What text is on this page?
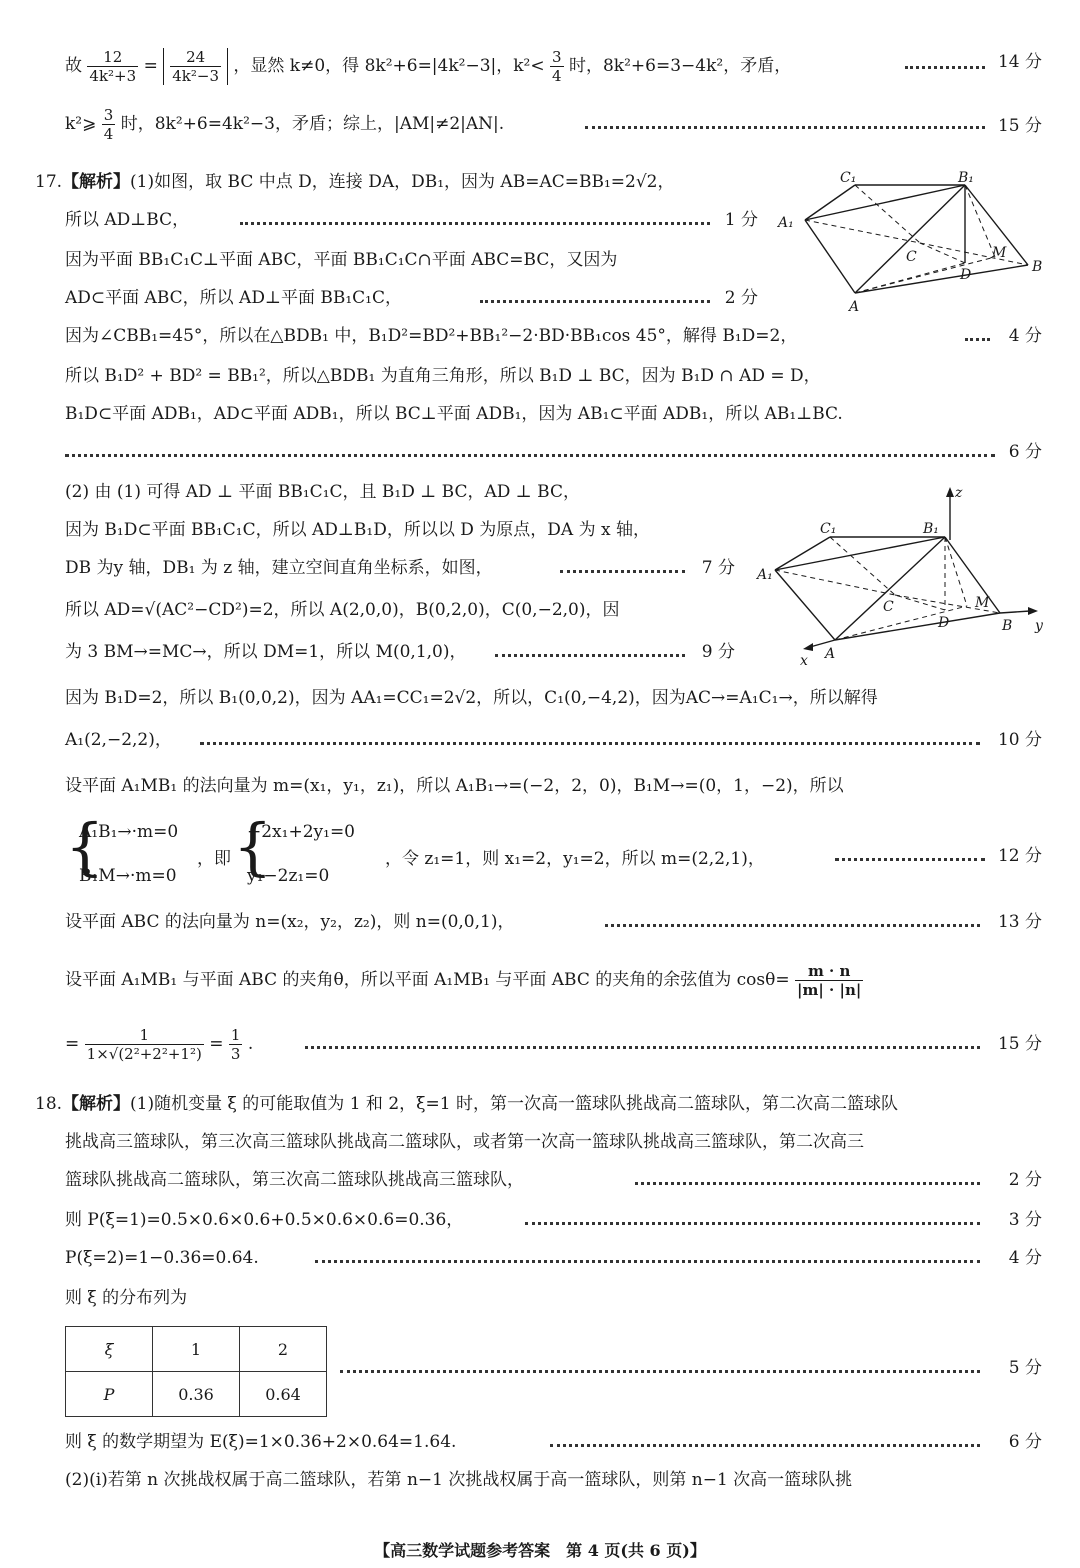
故 $\frac{12}{\text{4k²+3}} = \frac{24}{\text{4k²−3}}$ ，显然 k≠0，得 8k²+6=|4k²−3|，$k^2< \frac{3}{4}$ 时，8k²+6=3−4k²，矛盾，	14 分
k²⩾ $\frac{3}{4}$ 时，8k²+6=4k²−3，矛盾；综上，|AM|≠2|AN|.	15 分
17.【解析】(1)如图，取 BC 中点 D，连接 DA，DB₁，因为 AB=AC=BB₁=2√2，
所以 AD⊥BC，	1 分
因为平面 BB₁C₁C⊥平面 ABC，平面 BB₁C₁C∩平面 ABC=BC，又因为
AD⊂平面 ABC，所以 AD⊥平面 BB₁C₁C，	2 分
因为∠CBB₁=45°，所以在△BDB₁ 中，B₁D²=BD²+BB₁²−2·BD·BB₁cos 45°，解得 B₁D=2，	4 分
所以 B₁D² + BD² = BB₁²，所以△BDB₁ 为直角三角形，所以 B₁D ⊥ BC，因为 B₁D ∩ AD = D，
B₁D⊂平面 ADB₁，AD⊂平面 ADB₁，所以 BC⊥平面 ADB₁，因为 AB₁⊂平面 ADB₁，所以 AB₁⊥BC.
6 分
C₁	B₁
A₁
C	M
D	B
A
(2) 由 (1) 可得 AD ⊥ 平面 BB₁C₁C，且 B₁D ⊥ BC，AD ⊥ BC，
因为 B₁D⊂平面 BB₁C₁C，所以 AD⊥B₁D，所以以 D 为原点，DA 为 x 轴，
DB 为y 轴，DB₁ 为 z 轴，建立空间直角坐标系，如图，	7 分
所以 AD=√(AC²−CD²)=2，所以 A(2,0,0)，B(0,2,0)，C(0,−2,0)，因
为 3 BM→=MC→，所以 DM=1，所以 M(0,1,0)，	9 分
z
C₁	B₁
A₁
C	M
D	B y
x A
因为 B₁D=2，所以 B₁(0,0,2)，因为 AA₁=CC₁=2√2，所以，C₁(0,−4,2)，因为AC→=A₁C₁→，所以解得
A₁(2,−2,2)，	10 分
设平面 A₁MB₁ 的法向量为 m=(x₁，y₁，z₁)，所以 A₁B₁→=(−2，2，0)，B₁M→=(0，1，−2)，所以
{
A₁B₁→·m=0
B₁M→·m=0
，即 {
−2x₁+2y₁=0
y₁−2z₁=0
，令 z₁=1，则 x₁=2，y₁=2，所以 m=(2,2,1)，	12 分
设平面 ABC 的法向量为 n=(x₂，y₂，z₂)，则 n=(0,0,1)，	13 分
设平面 A₁MB₁ 与平面 ABC 的夹角θ，所以平面 A₁MB₁ 与平面 ABC 的夹角的余弦值为 $\cos\theta= \frac{m \cdot n}{|m| \cdot |n|}$
= $\frac{1}{\text{1×√(2²+2²+1²)}} = \frac{1}{3}$ .	15 分
18.【解析】(1)随机变量 ξ 的可能取值为 1 和 2，ξ=1 时，第一次高一篮球队挑战高二篮球队，第二次高二篮球队
挑战高三篮球队，第三次高三篮球队挑战高二篮球队，或者第一次高一篮球队挑战高三篮球队，第二次高三
篮球队挑战高二篮球队，第三次高二篮球队挑战高三篮球队，	2 分
则 P(ξ=1)=0.5×0.6×0.6+0.5×0.6×0.6=0.36，	3 分
P(ξ=2)=1−0.36=0.64.	4 分
则 ξ 的分布列为
ξ	1	2
P	0.36	0.64
5 分
则 ξ 的数学期望为 E(ξ)=1×0.36+2×0.64=1.64.	6 分
(2)(ⅰ)若第 n 次挑战权属于高二篮球队，若第 n−1 次挑战权属于高一篮球队，则第 n−1 次高一篮球队挑
【高三数学试题参考答案　第 4 页(共 6 页)】
